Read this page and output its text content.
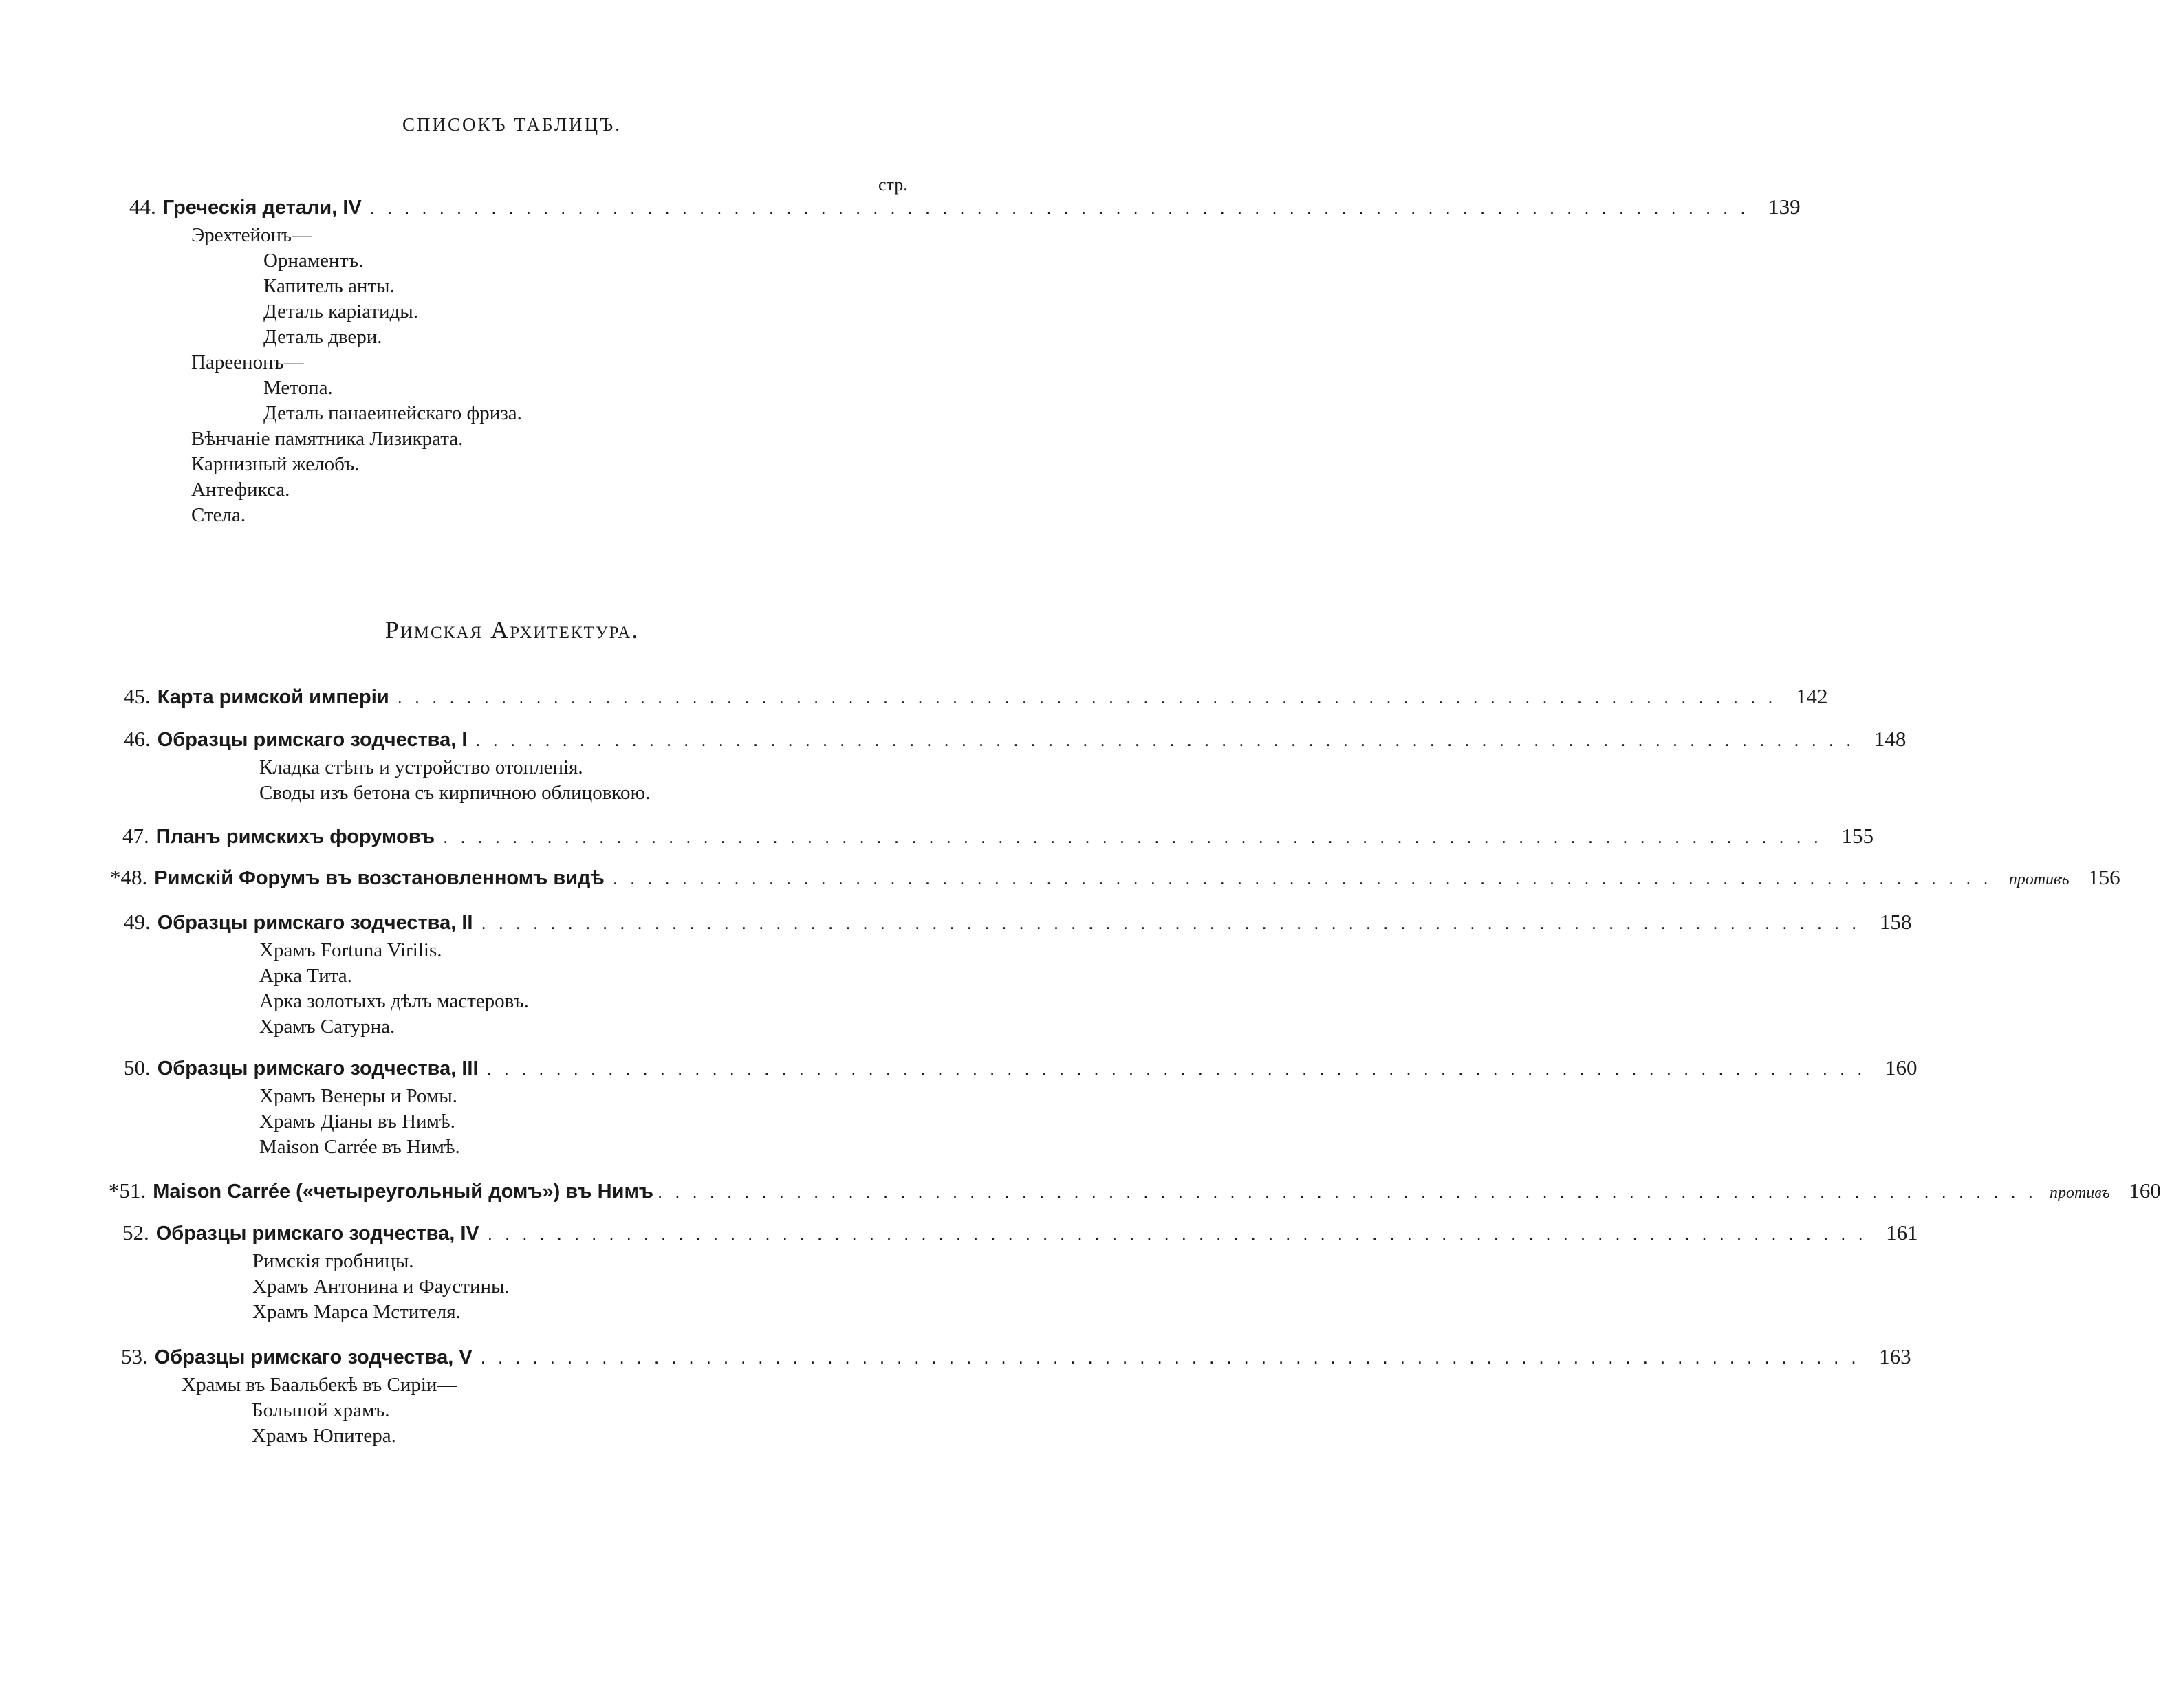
СПИСОКЪ ТАБЛИЦЪ.
стр.
Римская Архитектура.
44. Греческія детали, IV ................................................................................ 139
Эрехтейонъ—
Орнаментъ.
Капитель анты.
Деталь каріатиды.
Деталь двери.
Пареенонъ—
Метопа.
Деталь панаеинейскаго фриза.
Вѣнчаніе памятника Лизикрата.
Карнизный желобъ.
Антефикса.
Стела.
45. Карта римской имперіи ................................................................................ 142
46. Образцы римскаго зодчества, I ................................................................................ 148
Кладка стѣнъ и устройство отопленія.
Своды изъ бетона съ кирпичною облицовкою.
47. Планъ римскихъ форумовъ ................................................................................ 155
*48. Римскій Форумъ въ возстановленномъ видѣ ................................................................................ противъ 156
49. Образцы римскаго зодчества, II ................................................................................ 158
Храмъ Fortuna Virilis.
Арка Тита.
Арка золотыхъ дѣлъ мастеровъ.
Храмъ Сатурна.
50. Образцы римскаго зодчества, III ................................................................................ 160
Храмъ Венеры и Ромы.
Храмъ Діаны въ Нимѣ.
Maison Carrée въ Нимѣ.
*51. Maison Carrée («четыреугольный домъ») въ Нимъ ................................................................................ противъ 160
52. Образцы римскаго зодчества, IV ................................................................................ 161
Римскія гробницы.
Храмъ Антонина и Фаустины.
Храмъ Марса Мстителя.
53. Образцы римскаго зодчества, V ................................................................................ 163
Храмы въ Баальбекѣ въ Сиріи—
Большой храмъ.
Храмъ Юпитера.
